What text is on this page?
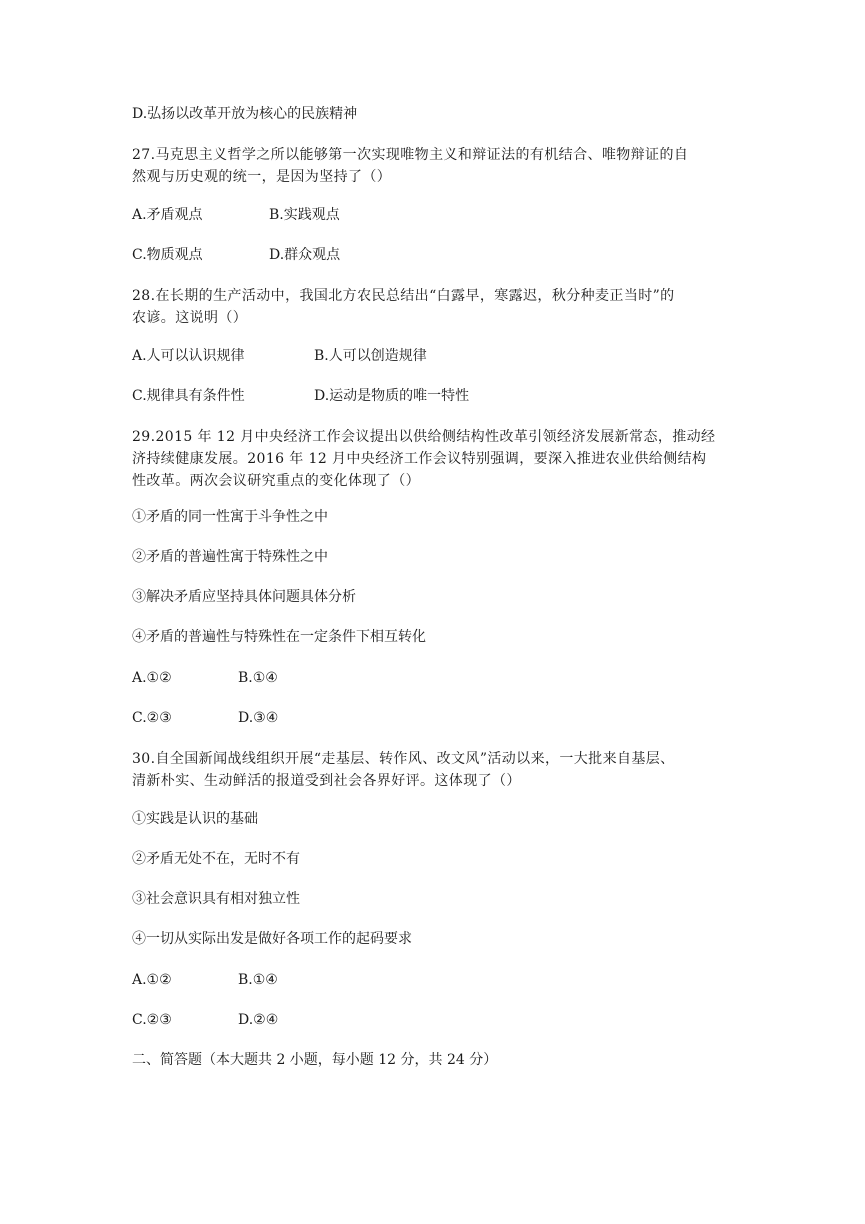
D.弘扬以改革开放为核心的民族精神
27.马克思主义哲学之所以能够第一次实现唯物主义和辩证法的有机结合、唯物辩证的自
然观与历史观的统一，是因为坚持了（）
A.矛盾观点	B.实践观点
C.物质观点	D.群众观点
28.在长期的生产活动中，我国北方农民总结出“白露早，寒露迟，秋分种麦正当时”的
农谚。这说明（）
A.人可以认识规律	B.人可以创造规律
C.规律具有条件性	D.运动是物质的唯一特性
29.2015 年 12 月中央经济工作会议提出以供给侧结构性改革引领经济发展新常态，推动经
济持续健康发展。2016 年 12 月中央经济工作会议特别强调，要深入推进农业供给侧结构
性改革。两次会议研究重点的变化体现了（）
①矛盾的同一性寓于斗争性之中
②矛盾的普遍性寓于特殊性之中
③解决矛盾应坚持具体问题具体分析
④矛盾的普遍性与特殊性在一定条件下相互转化
A.①②	B.①④
C.②③	D.③④
30.自全国新闻战线组织开展“走基层、转作风、改文风”活动以来，一大批来自基层、
清新朴实、生动鲜活的报道受到社会各界好评。这体现了（）
①实践是认识的基础
②矛盾无处不在，无时不有
③社会意识具有相对独立性
④一切从实际出发是做好各项工作的起码要求
A.①②	B.①④
C.②③	D.②④
二、简答题（本大题共 2 小题，每小题 12 分，共 24 分）
